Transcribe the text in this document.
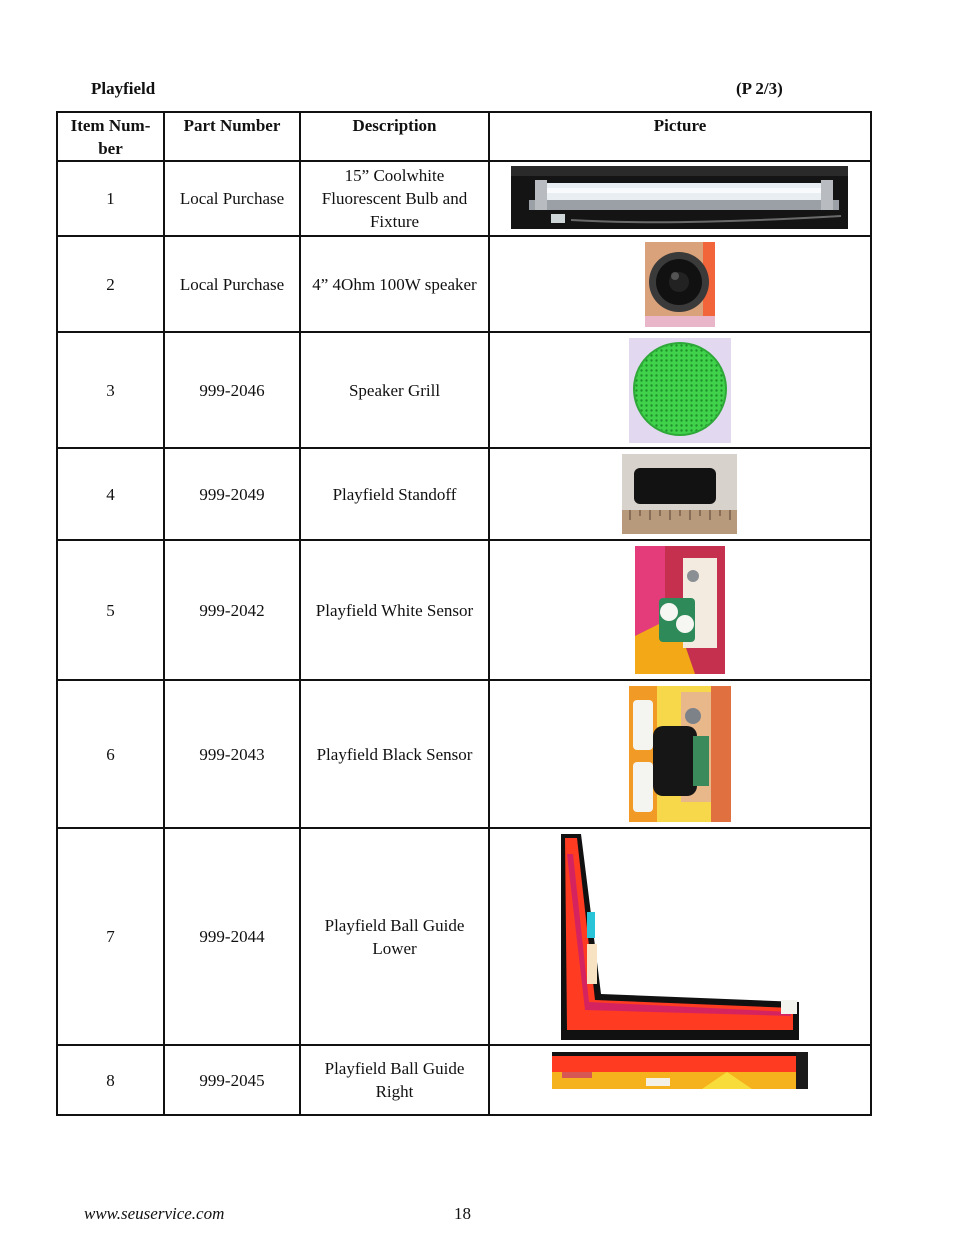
Playfield	(P 2/3)
Item Num-ber	Part Number	Description	Picture
1	Local Purchase	15” Coolwhite Fluorescent Bulb and Fixture	

2	Local Purchase	4” 4Ohm 100W speaker	

3	999-2046	Speaker Grill	

4	999-2049	Playfield Standoff	

5	999-2042	Playfield White Sensor	

6	999-2043	Playfield Black Sensor	

7	999-2044	Playfield Ball Guide Lower	

8	999-2045	Playfield Ball Guide Right	
www.seuservice.com	18
